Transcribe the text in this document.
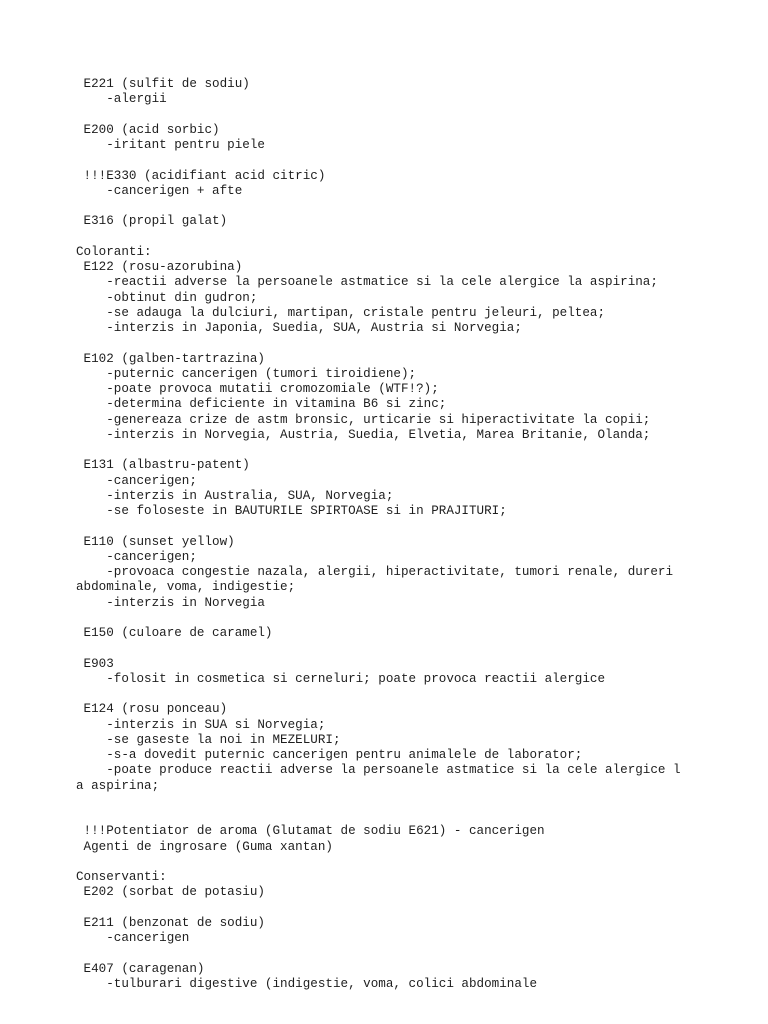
E221 (sulfit de sodiu)
-alergii
E200 (acid sorbic)
-iritant pentru piele
!!!E330 (acidifiant acid citric)
-cancerigen + afte
E316 (propil galat)
Coloranti:
E122 (rosu-azorubina)
-reactii adverse la persoanele astmatice si la cele alergice la aspirina;
-obtinut din gudron;
-se adauga la dulciuri, martipan, cristale pentru jeleuri, peltea;
-interzis in Japonia, Suedia, SUA, Austria si Norvegia;
E102 (galben-tartrazina)
-puternic cancerigen (tumori tiroidiene);
-poate provoca mutatii cromozomiale (WTF!?);
-determina deficiente in vitamina B6 si zinc;
-genereaza crize de astm bronsic, urticarie si hiperactivitate la copii;
-interzis in Norvegia, Austria, Suedia, Elvetia, Marea Britanie, Olanda;
E131 (albastru-patent)
-cancerigen;
-interzis in Australia, SUA, Norvegia;
-se foloseste in BAUTURILE SPIRTOASE si in PRAJITURI;
E110 (sunset yellow)
-cancerigen;
-provoaca congestie nazala, alergii, hiperactivitate, tumori renale, dureri
abdominale, voma, indigestie;
-interzis in Norvegia
E150 (culoare de caramel)
E903
-folosit in cosmetica si cerneluri; poate provoca reactii alergice
E124 (rosu ponceau)
-interzis in SUA si Norvegia;
-se gaseste la noi in MEZELURI;
-s-a dovedit puternic cancerigen pentru animalele de laborator;
-poate produce reactii adverse la persoanele astmatice si la cele alergice l
a aspirina;
!!!Potentiator de aroma (Glutamat de sodiu E621) - cancerigen
Agenti de ingrosare (Guma xantan)
Conservanti:
E202 (sorbat de potasiu)
E211 (benzonat de sodiu)
-cancerigen
E407 (caragenan)
-tulburari digestive (indigestie, voma, colici abdominale
